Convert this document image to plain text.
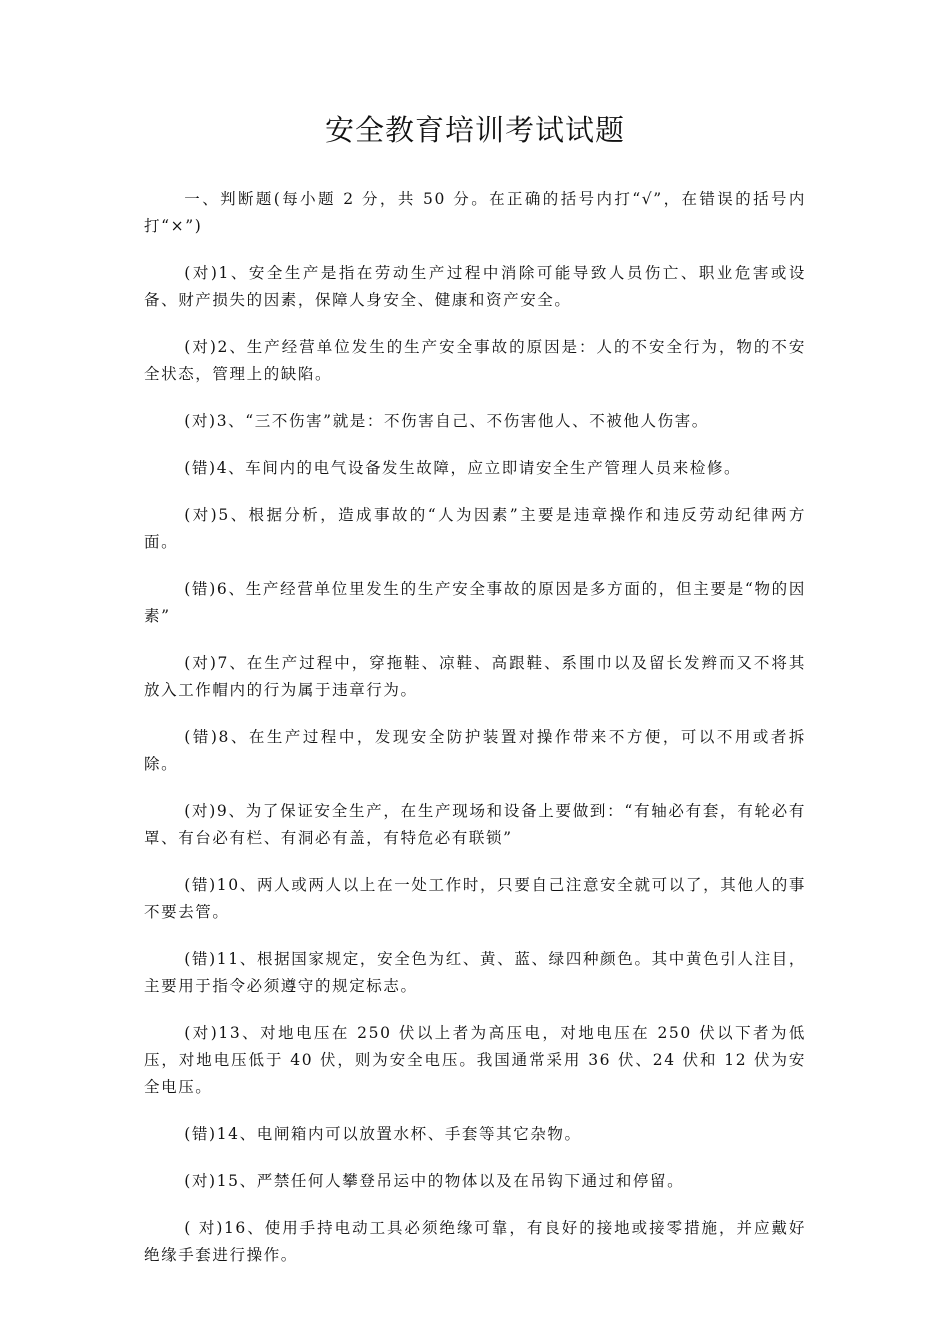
安全教育培训考试试题

一、判断题(每小题 2 分，共 50 分。在正确的括号内打“√”，在错误的括号内打“×”)

(对)1、安全生产是指在劳动生产过程中消除可能导致人员伤亡、职业危害或设备、财产损失的因素，保障人身安全、健康和资产安全。

(对)2、生产经营单位发生的生产安全事故的原因是：人的不安全行为，物的不安全状态，管理上的缺陷。

(对)3、“三不伤害”就是：不伤害自己、不伤害他人、不被他人伤害。

(错)4、车间内的电气设备发生故障，应立即请安全生产管理人员来检修。

(对)5、根据分析，造成事故的“人为因素”主要是违章操作和违反劳动纪律两方面。

(错)6、生产经营单位里发生的生产安全事故的原因是多方面的，但主要是“物的因素”

(对)7、在生产过程中，穿拖鞋、凉鞋、高跟鞋、系围巾以及留长发辫而又不将其放入工作帽内的行为属于违章行为。

(错)8、在生产过程中，发现安全防护装置对操作带来不方便，可以不用或者拆除。

(对)9、为了保证安全生产，在生产现场和设备上要做到：“有轴必有套，有轮必有罩、有台必有栏、有洞必有盖，有特危必有联锁”

(错)10、两人或两人以上在一处工作时，只要自己注意安全就可以了，其他人的事不要去管。

(错)11、根据国家规定，安全色为红、黄、蓝、绿四种颜色。其中黄色引人注目，主要用于指令必须遵守的规定标志。

(对)13、对地电压在 250 伏以上者为高压电，对地电压在 250 伏以下者为低压，对地电压低于 40 伏，则为安全电压。我国通常采用 36 伏、24 伏和 12 伏为安全电压。

(错)14、电闸箱内可以放置水杯、手套等其它杂物。

(对)15、严禁任何人攀登吊运中的物体以及在吊钩下通过和停留。

( 对)16、使用手持电动工具必须绝缘可靠，有良好的接地或接零措施，并应戴好绝缘手套进行操作。
